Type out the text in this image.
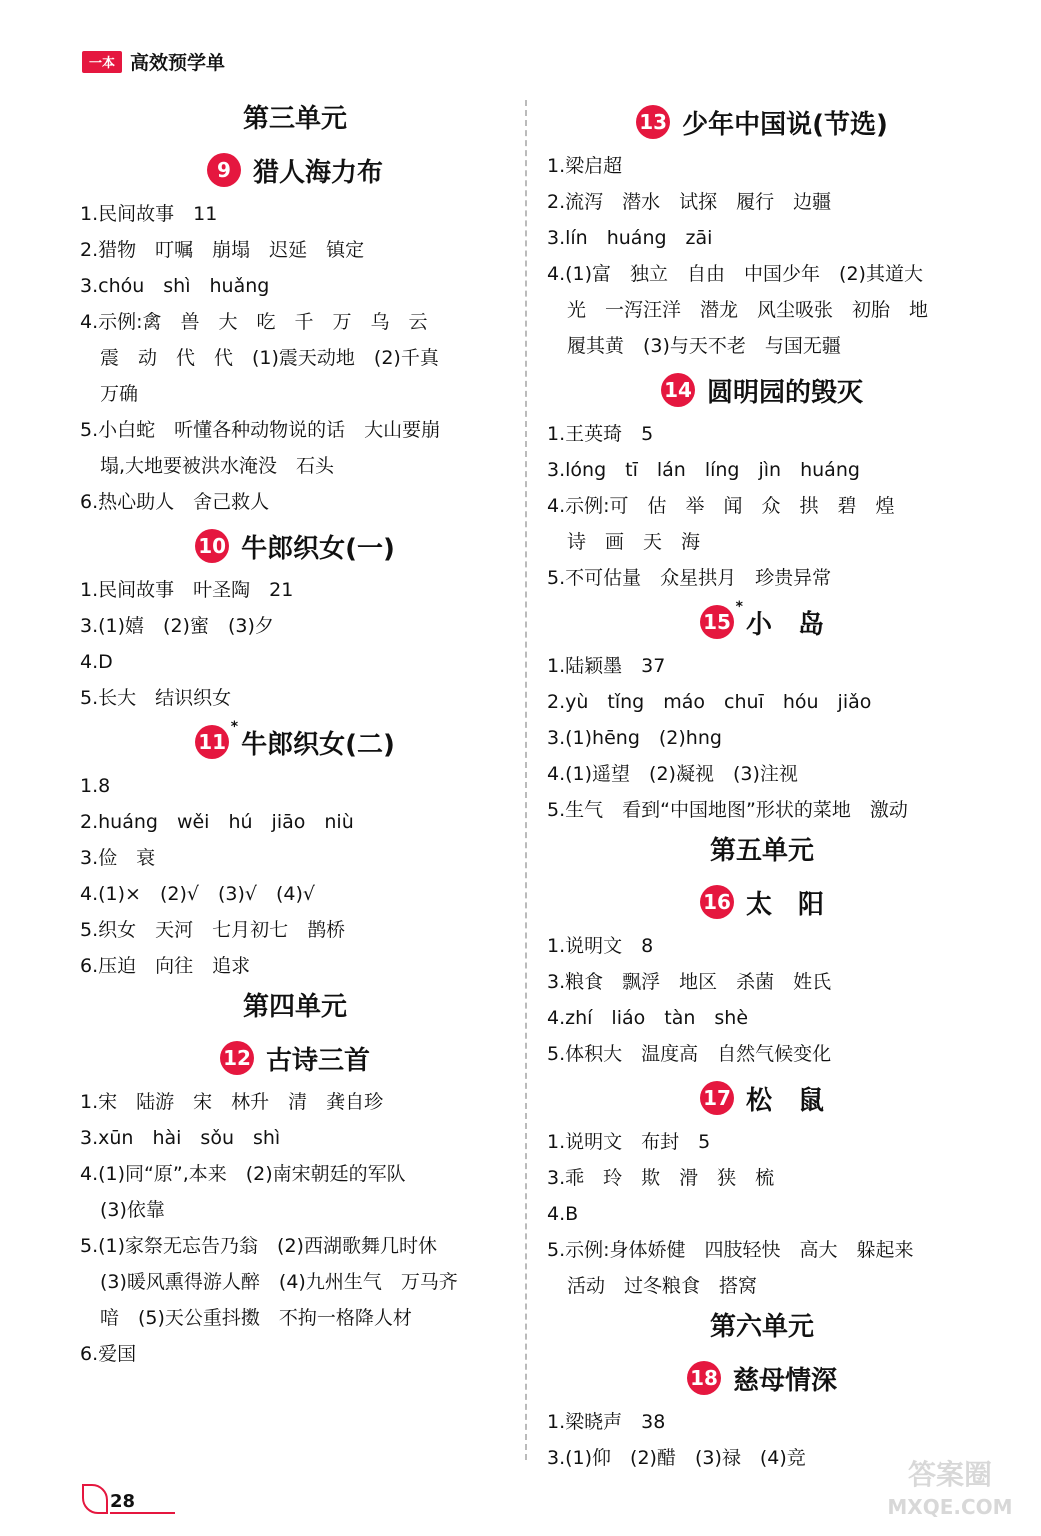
一本 高效预学单
第三单元
9 猎人海力布
1.民间故事　11
2.猎物　叮嘱　崩塌　迟延　镇定
3.chóu　shì　huǎng
4.示例:禽　兽　大　吃　千　万　乌　云
震　动　代　代　(1)震天动地　(2)千真
万确
5.小白蛇　听懂各种动物说的话　大山要崩
塌,大地要被洪水淹没　石头
6.热心助人　舍己救人
10 牛郎织女(一)
1.民间故事　叶圣陶　21
3.(1)嬉　(2)蜜　(3)夕
4.D
5.长大　结识织女
11
*
牛郎织女(二)
1.8
2.huáng　wěi　hú　jiāo　niù
3.俭　衰
4.(1)×　(2)√　(3)√　(4)√
5.织女　天河　七月初七　鹊桥
6.压迫　向往　追求
第四单元
12 古诗三首
1.宋　陆游　宋　林升　清　龚自珍
3.xūn　hài　sǒu　shì
4.(1)同“原”,本来　(2)南宋朝廷的军队
(3)依靠
5.(1)家祭无忘告乃翁　(2)西湖歌舞几时休
(3)暖风熏得游人醉　(4)九州生气　万马齐
喑　(5)天公重抖擞　不拘一格降人材
6.爱国
13 少年中国说(节选)
1.梁启超
2.流泻　潜水　试探　履行　边疆
3.lín　huáng　zāi
4.(1)富　独立　自由　中国少年　(2)其道大
光　一泻汪洋　潜龙　风尘吸张　初胎　地
履其黄　(3)与天不老　与国无疆
14 圆明园的毁灭
1.王英琦　5
3.lóng　tī　lán　líng　jìn　huáng
4.示例:可　估　举　闻　众　拱　碧　煌
诗　画　天　海
5.不可估量　众星拱月　珍贵异常
15
*
小　岛
1.陆颖墨　37
2.yù　tǐng　máo　chuī　hóu　jiǎo
3.(1)hēng　(2)hng
4.(1)遥望　(2)凝视　(3)注视
5.生气　看到“中国地图”形状的菜地　激动
第五单元
16 太　阳
1.说明文　8
3.粮食　飘浮　地区　杀菌　姓氏
4.zhí　liáo　tàn　shè
5.体积大　温度高　自然气候变化
17 松　鼠
1.说明文　布封　5
3.乖　玲　欺　滑　狭　梳
4.B
5.示例:身体娇健　四肢轻快　高大　躲起来
活动　过冬粮食　搭窝
第六单元
18 慈母情深
1.梁晓声　38
3.(1)仰　(2)醋　(3)禄　(4)竞
28
答案圈
MXQE.COM
